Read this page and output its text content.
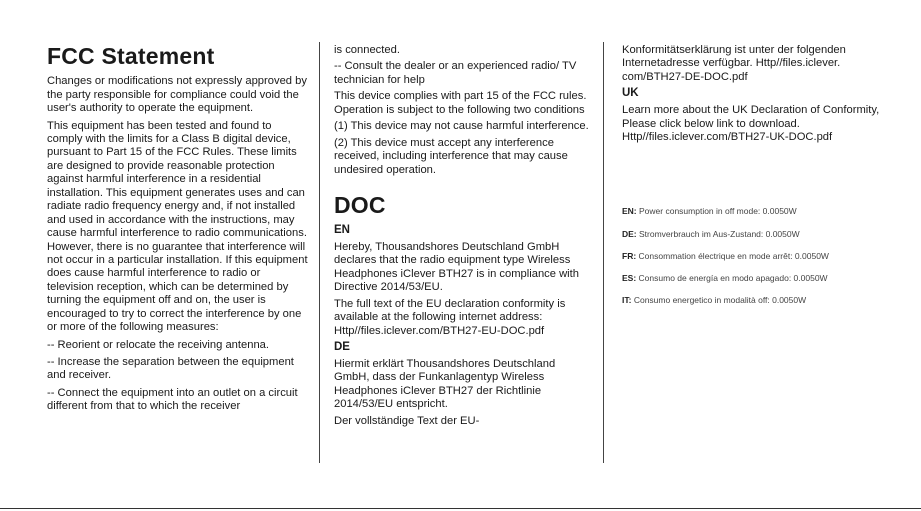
FCC Statement

Changes or modifications not expressly approved by the party responsible for compliance could void the user's authority to operate the equipment.

This equipment has been tested and found to comply with the limits for a Class B digital device, pursuant to Part 15 of the FCC Rules. These limits are designed to provide reasonable protection against harmful interference in a residential installation. This equipment generates uses and can radiate radio frequency energy and, if not installed and used in accordance with the instructions, may cause harmful interference to radio communications. However, there is no guarantee that interference will not occur in a particular installation. If this equipment does cause harmful interference to radio or television reception, which can be determined by turning the equipment off and on, the user is encouraged to try to correct the interference by one or more of the following measures:

-- Reorient or relocate the receiving antenna.

-- Increase the separation between the equipment and receiver.

-- Connect the equipment into an outlet on a circuit different from that to which the receiver

is connected.

-- Consult the dealer or an experienced radio/ TV technician for help

This device complies with part 15 of the FCC rules. Operation is subject to the following two conditions

(1) This device may not cause harmful interference.

(2) This device must accept any interference received, including interference that may cause undesired operation.

DOC
EN

Hereby, Thousandshores Deutschland GmbH declares that the radio equipment type Wireless Headphones iClever BTH27 is in compliance with Directive 2014/53/EU.

The full text of the EU declaration conformity is available at the following internet address: Http//files.iclever.com/BTH27-EU-DOC.pdf

DE

Hiermit erklärt Thousandshores Deutschland GmbH, dass der Funkanlagentyp Wireless Headphones iClever BTH27 der Richtlinie 2014/53/EU entspricht.

Der vollständige Text der EU-

Konformitätserklärung ist unter der folgenden Internetadresse verfügbar. Http//files.iclever. com/BTH27-DE-DOC.pdf

UK

Learn more about the UK Declaration of Conformity, Please click below link to download. Http//files.iclever.com/BTH27-UK-DOC.pdf

EN: Power consumption in off mode: 0.0050W
DE: Stromverbrauch im Aus-Zustand: 0.0050W
FR: Consommation électrique en mode arrêt: 0.0050W
ES: Consumo de energía en modo apagado: 0.0050W
IT: Consumo energetico in modalità off: 0.0050W
